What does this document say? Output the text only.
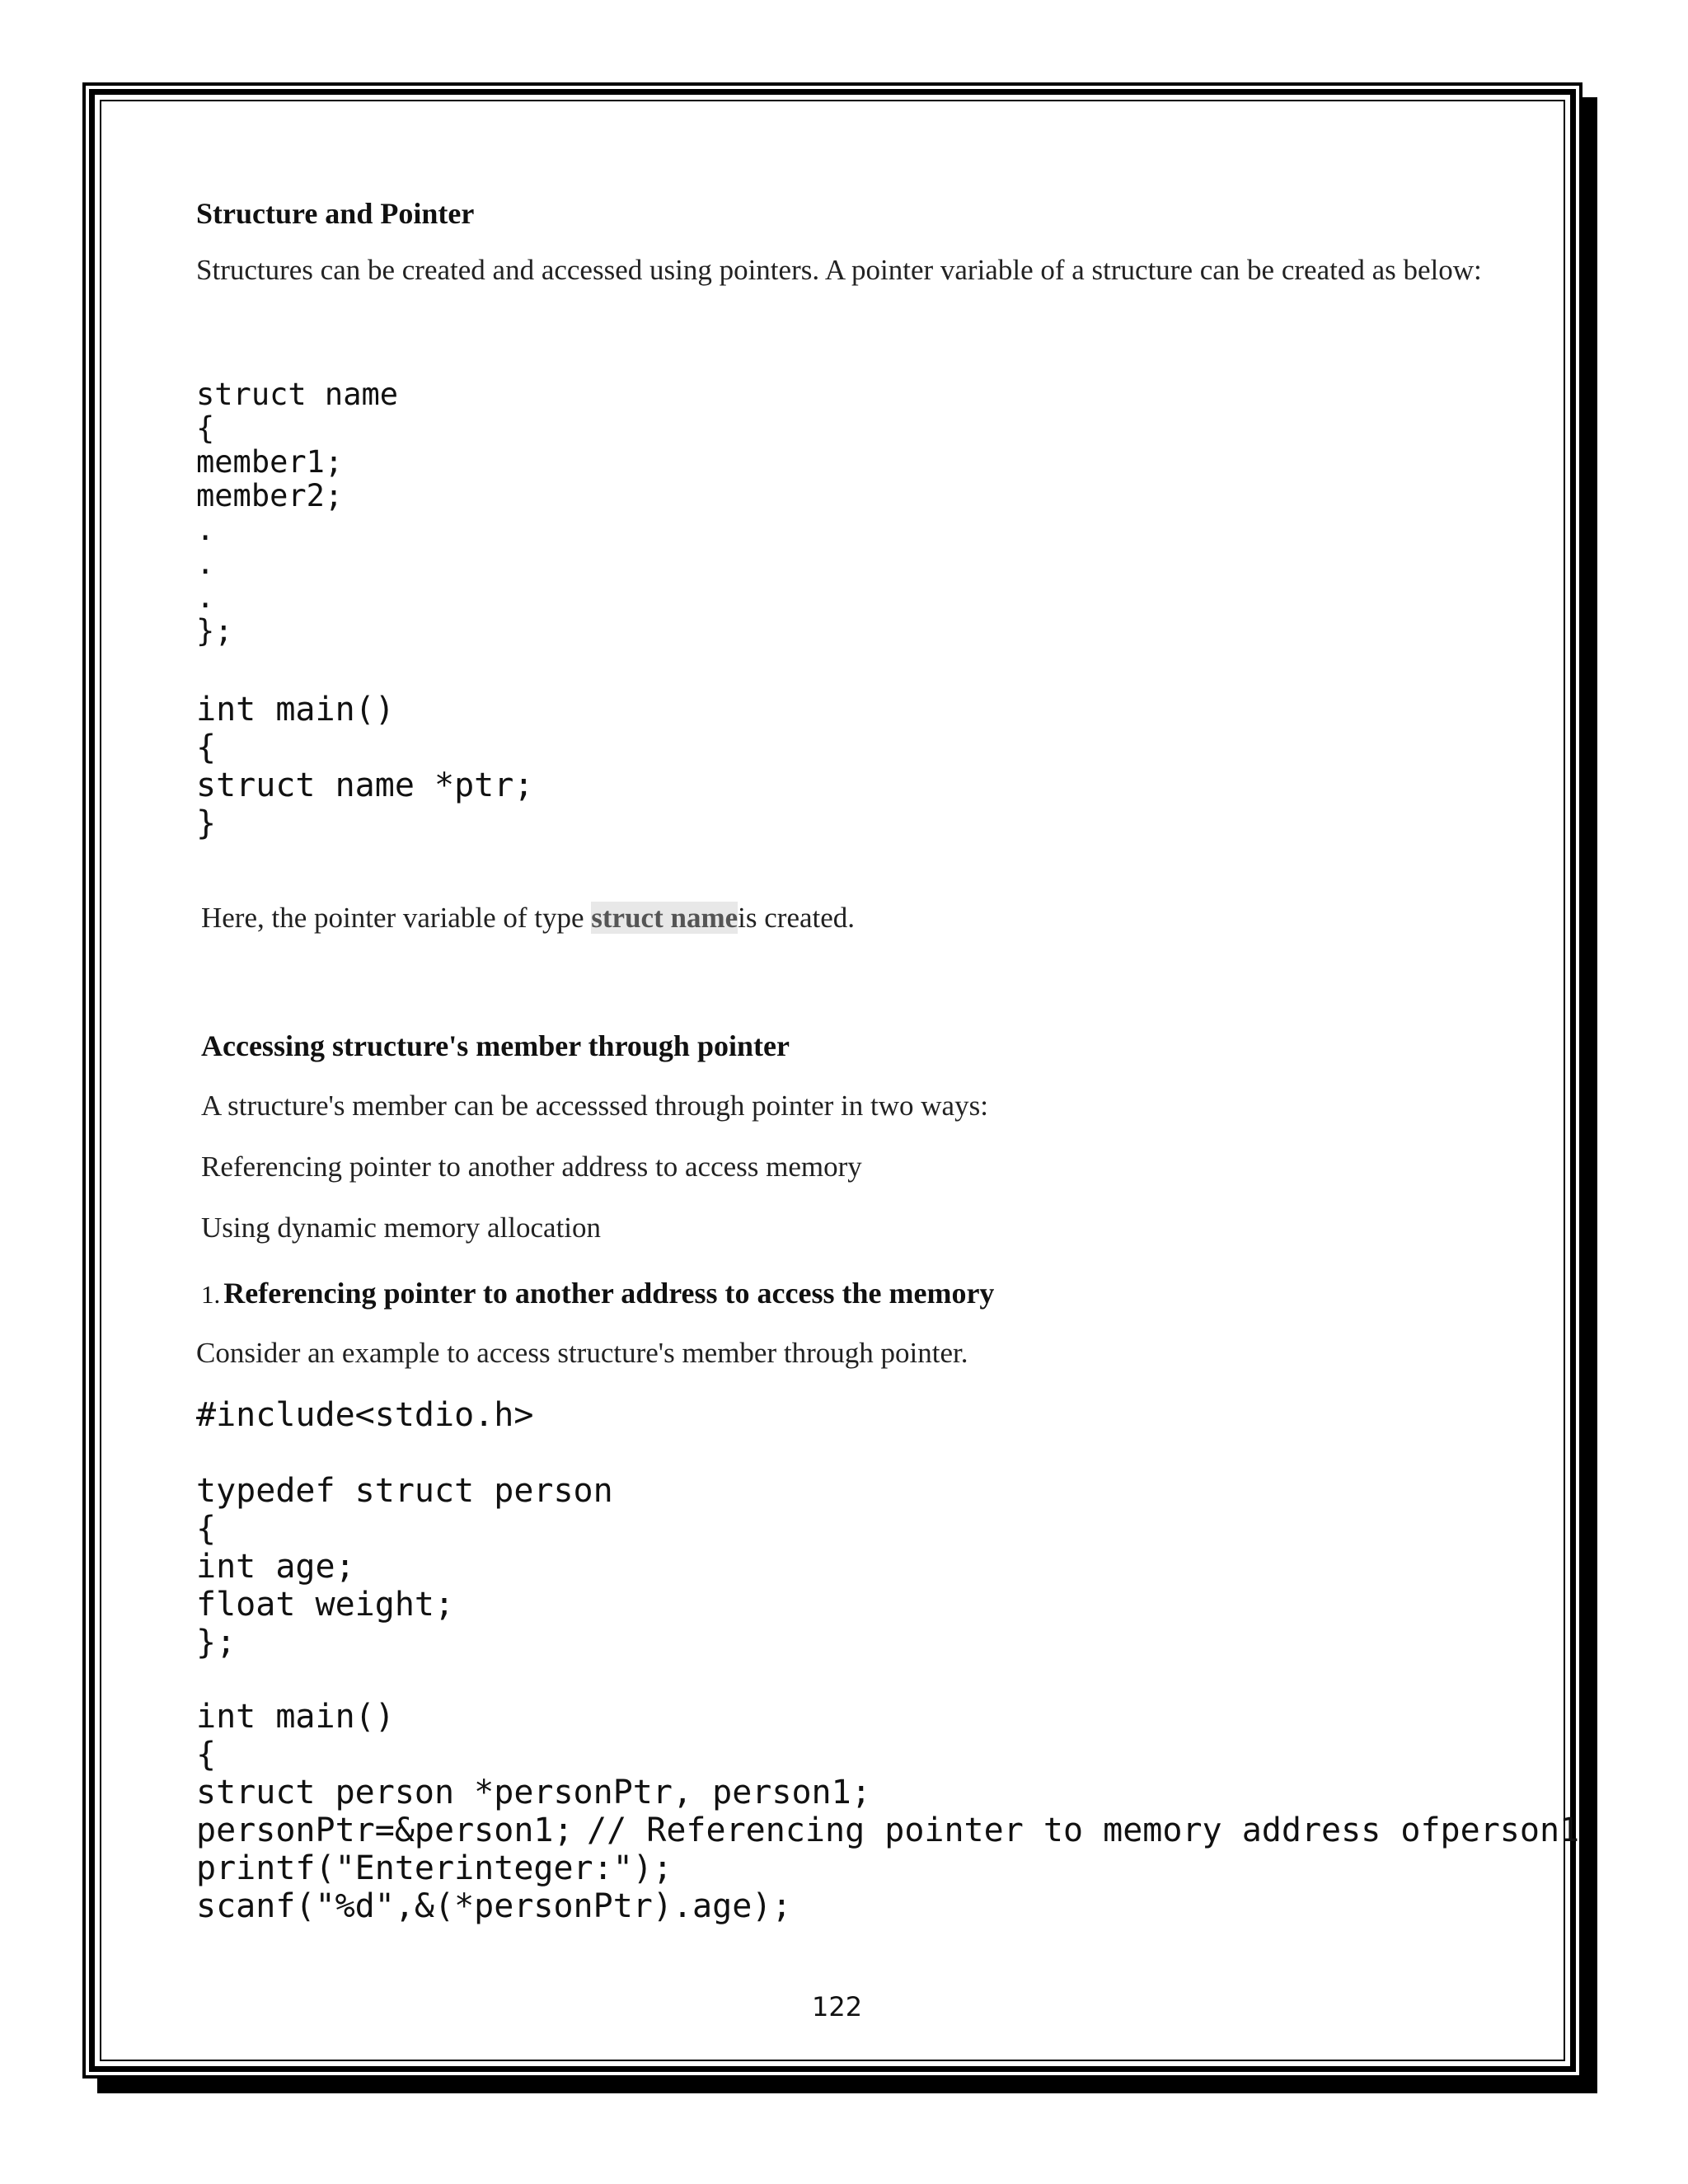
Structure and Pointer
Structures can be created and accessed using pointers. A pointer variable of a structure can be created as below:
struct name
{
member1;
member2;
.
.
.
};
int main()
{
struct name *ptr;
}
Here, the pointer variable of type struct nameis created.
Accessing structure's member through pointer
A structure's member can be accesssed through pointer in two ways:
Referencing pointer to another address to access memory
Using dynamic memory allocation
1. Referencing pointer to another address to access the memory
Consider an example to access structure's member through pointer.
#include<stdio.h>
typedef struct person
{
int age;
float weight;
};
int main()
{
struct person *personPtr, person1;
personPtr=&person1; // Referencing pointer to memory address ofperson1
printf("Enterinteger:");
scanf("%d",&(*personPtr).age);
122
